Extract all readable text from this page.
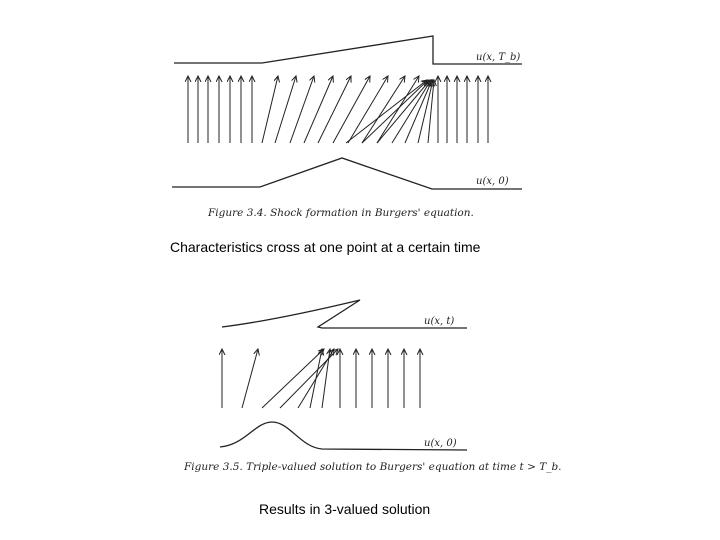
u(x, T_b)
u(x, 0)
Figure 3.4. Shock formation in Burgers' equation.
u(x, t)
u(x, 0)
Figure 3.5. Triple-valued solution to Burgers' equation at time t > T_b.
Characteristics cross at one point at a certain time
Results in 3-valued solution
